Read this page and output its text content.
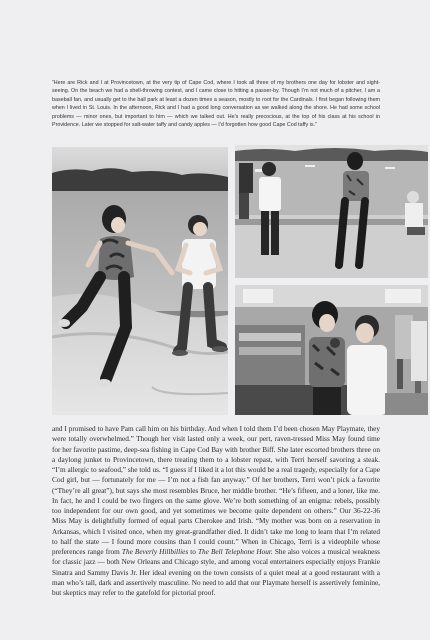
“Here are Rick and I at Provincetown, at the very tip of Cape Cod, where I took all three of my brothers one day for lobster and sight-seeing. On the beach we had a shell-throwing contest, and I came close to hitting a passer-by. Though I’m not much of a pitcher, I am a baseball fan, and usually get to the ball park at least a dozen times a season, mostly to root for the Cardinals. I first began following them when I lived in St. Louis. In the afternoon, Rick and I had a good long conversation as we walked along the shore. He had some school problems — minor ones, but important to him — which we talked out. He’s really precocious, at the top of his class at his school in Providence. Later we stopped for salt-water taffy and candy apples — I’d forgotten how good Cape Cod taffy is.”

and I promised to have Pam call him on his birthday. And when I told them I’d been chosen May Playmate, they were totally overwhelmed.” Though her visit lasted only a week, our pert, raven-tressed Miss May found time for her favorite pastime, deep-sea fishing in Cape Cod Bay with brother Biff. She later escorted brothers three on a daylong junket to Provincetown, there treating them to a lobster repast, with Terri herself savoring a steak. “I’m allergic to seafood,” she told us. “I guess if I liked it a lot this would be a real tragedy, especially for a Cape Cod girl, but — fortunately for me — I’m not a fish fan anyway.” Of her brothers, Terri won’t pick a favorite (“They’re all great”), but says she most resembles Bruce, her middle brother. “He’s fifteen, and a loner, like me. In fact, he and I could be two fingers on the same glove. We’re both something of an enigma: rebels, possibly too independent for our own good, and yet sometimes we become quite dependent on others.” Our 36-22-36 Miss May is delightfully formed of equal parts Cherokee and Irish. “My mother was born on a reservation in Arkansas, which I visited once, when my great-grandfather died. It didn’t take me long to learn that I’m related to half the state — I found more cousins than I could count.” When in Chicago, Terri is a videophile whose preferences range from The Beverly Hillbillies to The Bell Telephone Hour. She also voices a musical weakness for classic jazz — both New Orleans and Chicago style, and among vocal entertainers especially enjoys Frankie Sinatra and Sammy Davis Jr. Her ideal evening on the town consists of a quiet meal at a good restaurant with a man who’s tall, dark and assertively masculine. No need to add that our Playmate herself is assertively feminine, but skeptics may refer to the gatefold for pictorial proof.
